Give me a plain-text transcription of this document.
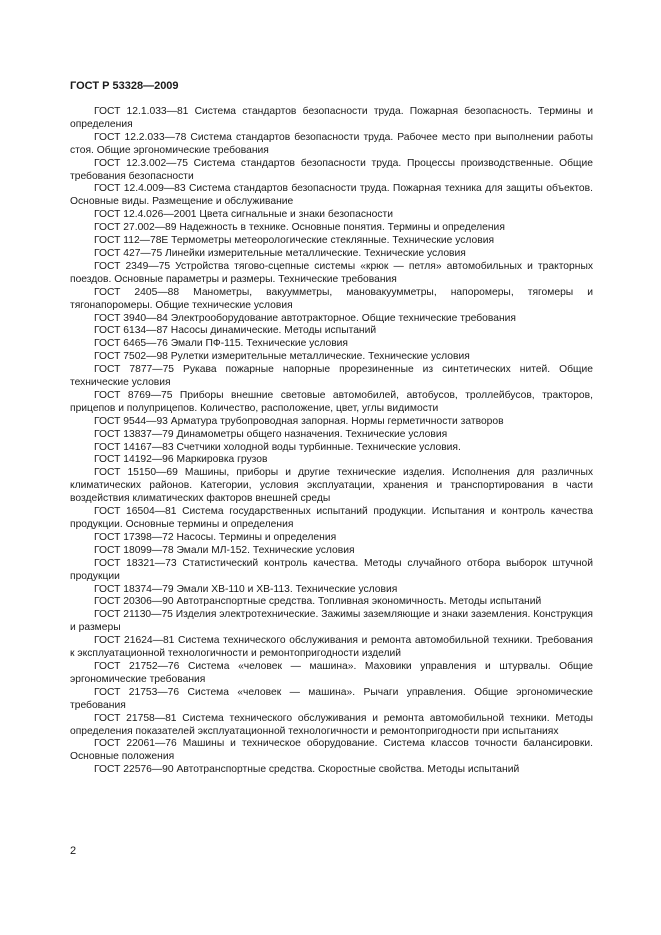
ГОСТ Р 53328—2009

ГОСТ 12.1.033—81 Система стандартов безопасности труда. Пожарная безопасность. Термины и определения

ГОСТ 12.2.033—78 Система стандартов безопасности труда. Рабочее место при выполнении работы стоя. Общие эргономические требования

ГОСТ 12.3.002—75 Система стандартов безопасности труда. Процессы производственные. Общие требования безопасности

ГОСТ 12.4.009—83 Система стандартов безопасности труда. Пожарная техника для защиты объектов. Основные виды. Размещение и обслуживание

ГОСТ 12.4.026—2001 Цвета сигнальные и знаки безопасности

ГОСТ 27.002—89 Надежность в технике. Основные понятия. Термины и определения

ГОСТ 112—78Е Термометры метеорологические стеклянные. Технические условия

ГОСТ 427—75 Линейки измерительные металлические. Технические условия

ГОСТ 2349—75 Устройства тягово-сцепные системы «крюк — петля» автомобильных и тракторных поездов. Основные параметры и размеры. Технические требования

ГОСТ 2405—88 Манометры, вакуумметры, мановакуумметры, напоромеры, тягомеры и тягонапоромеры. Общие технические условия

ГОСТ 3940—84 Электрооборудование автотракторное. Общие технические требования

ГОСТ 6134—87 Насосы динамические. Методы испытаний

ГОСТ 6465—76 Эмали ПФ-115. Технические условия

ГОСТ 7502—98 Рулетки измерительные металлические. Технические условия

ГОСТ 7877—75 Рукава пожарные напорные прорезиненные из синтетических нитей. Общие технические условия

ГОСТ 8769—75 Приборы внешние световые автомобилей, автобусов, троллейбусов, тракторов, прицепов и полуприцепов. Количество, расположение, цвет, углы видимости

ГОСТ 9544—93 Арматура трубопроводная запорная. Нормы герметичности затворов

ГОСТ 13837—79 Динамометры общего назначения. Технические условия

ГОСТ 14167—83 Счетчики холодной воды турбинные. Технические условия.

ГОСТ 14192—96 Маркировка грузов

ГОСТ 15150—69 Машины, приборы и другие технические изделия. Исполнения для различных климатических районов. Категории, условия эксплуатации, хранения и транспортирования в части воздействия климатических факторов внешней среды

ГОСТ 16504—81 Система государственных испытаний продукции. Испытания и контроль качества продукции. Основные термины и определения

ГОСТ 17398—72 Насосы. Термины и определения

ГОСТ 18099—78 Эмали МЛ-152. Технические условия

ГОСТ 18321—73 Статистический контроль качества. Методы случайного отбора выборок штучной продукции

ГОСТ 18374—79 Эмали ХВ-110 и ХВ-113. Технические условия

ГОСТ 20306—90 Автотранспортные средства. Топливная экономичность. Методы испытаний

ГОСТ 21130—75 Изделия электротехнические. Зажимы заземляющие и знаки заземления. Конструкция и размеры

ГОСТ 21624—81 Система технического обслуживания и ремонта автомобильной техники. Требования к эксплуатационной технологичности и ремонтопригодности изделий

ГОСТ 21752—76 Система «человек — машина». Маховики управления и штурвалы. Общие эргономические требования

ГОСТ 21753—76 Система «человек — машина». Рычаги управления. Общие эргономические требования

ГОСТ 21758—81 Система технического обслуживания и ремонта автомобильной техники. Методы определения показателей эксплуатационной технологичности и ремонтопригодности при испытаниях

ГОСТ 22061—76 Машины и техническое оборудование. Система классов точности балансировки. Основные положения

ГОСТ 22576—90 Автотранспортные средства. Скоростные свойства. Методы испытаний

2
